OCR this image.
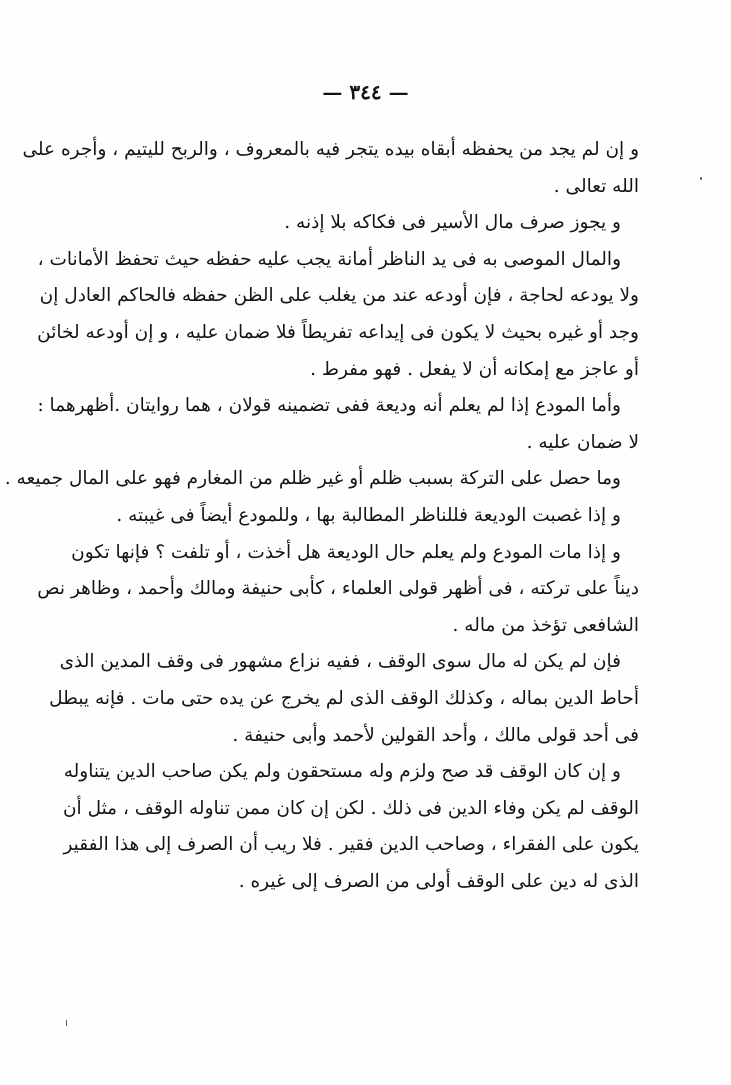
— ٣٤٤ —
و إن لم يجد من يحفظه أبقاه بيده يتجر فيه بالمعروف ، والربح لليتيم ، وأجره على
الله تعالى .
و يجوز صرف مال الأسير فى فكاكه بلا إذنه .
والمال الموصى به فى يد الناظر أمانة يجب عليه حفظه حيث تحفظ الأمانات ،
ولا يودعه لحاجة ، فإن أودعه عند من يغلب على الظن حفظه فالحاكم العادل إن
وجد أو غيره بحيث لا يكون فى إيداعه تفريطاً فلا ضمان عليه ، و إن أودعه لخائن
أو عاجز مع إمكانه أن لا يفعل . فهو مفرط .
وأما المودع إذا لم يعلم أنه وديعة ففى تضمينه قولان ، هما روايتان .أظهرهما :
لا ضمان عليه .
وما حصل على التركة بسبب ظلم أو غير ظلم من المغارم فهو على المال جميعه .
و إذا غصبت الوديعة فللناظر المطالبة بها ، وللمودع أيضاً فى غيبته .
و إذا مات المودع ولم يعلم حال الوديعة هل أخذت ، أو تلفت ؟ فإنها تكون
ديناً على تركته ، فى أظهر قولى العلماء ، كأبى حنيفة ومالك وأحمد ، وظاهر نص
الشافعى تؤخذ من ماله .
فإن لم يكن له مال سوى الوقف ، ففيه نزاع مشهور فى وقف المدين الذى
أحاط الدين بماله ، وكذلك الوقف الذى لم يخرج عن يده حتى مات . فإنه يبطل
فى أحد قولى مالك ، وأحد القولين لأحمد وأبى حنيفة .
و إن كان الوقف قد صح ولزم وله مستحقون ولم يكن صاحب الدين يتناوله
الوقف لم يكن وفاء الدين فى ذلك . لكن إن كان ممن تناوله الوقف ، مثل أن
يكون على الفقراء ، وصاحب الدين فقير . فلا ريب أن الصرف إلى هذا الفقير
الذى له دين على الوقف أولى من الصرف إلى غيره .
